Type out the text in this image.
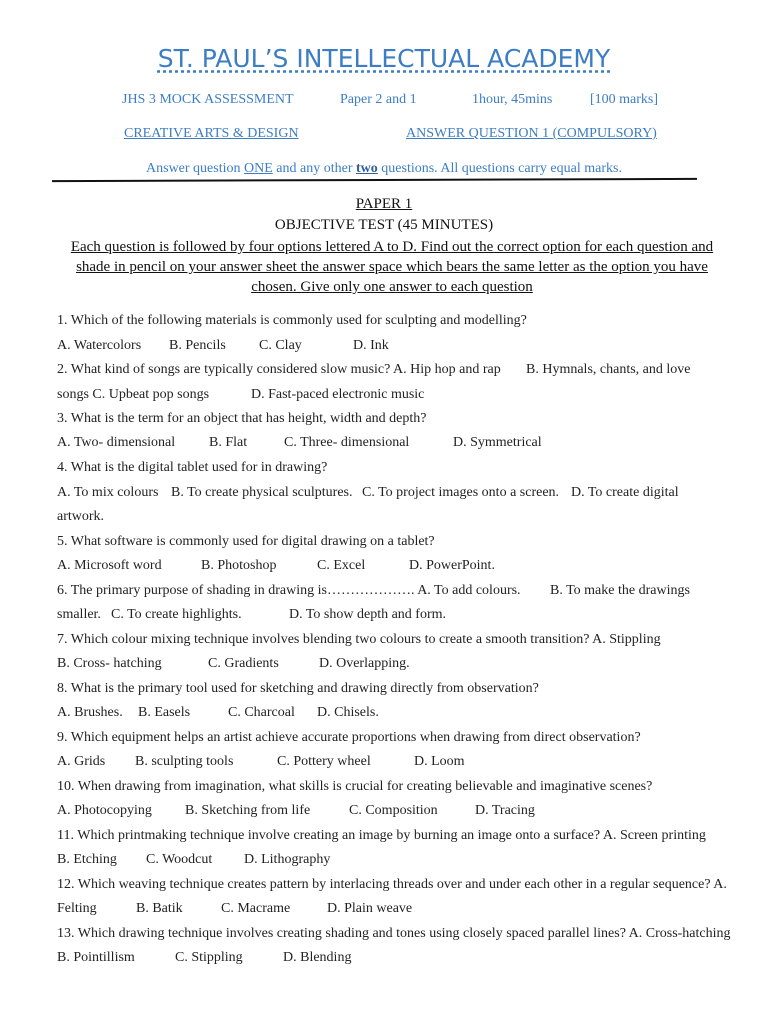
ST. PAUL’S INTELLECTUAL ACADEMY
JHS 3 MOCK ASSESSMENT	Paper 2 and 1	1hour, 45mins	[100 marks]
CREATIVE ARTS & DESIGN	ANSWER QUESTION 1 (COMPULSORY)
Answer question ONE and any other two questions. All questions carry equal marks.
PAPER 1
OBJECTIVE TEST (45 MINUTES)
Each question is followed by four options lettered A to D. Find out the correct option for each question and
shade in pencil on your answer sheet the answer space which bears the same letter as the option you have
chosen. Give only one answer to each question
1. Which of the following materials is commonly used for sculpting and modelling?
A. Watercolors B. Pencils C. Clay	D. Ink
2. What kind of songs are typically considered slow music? A. Hip hop and rap B. Hymnals, chants, and love
songs C. Upbeat pop songs	D. Fast-paced electronic music
3. What is the term for an object that has height, width and depth?
A. Two- dimensional B. Flat	C. Three- dimensional	D. Symmetrical
4. What is the digital tablet used for in drawing?
A. To mix colours B. To create physical sculptures. C. To project images onto a screen. D. To create digital
artwork.
5. What software is commonly used for digital drawing on a tablet?
A. Microsoft word	B. Photoshop	C. Excel	D. PowerPoint.
6. The primary purpose of shading in drawing is………………. A. To add colours. B. To make the drawings
smaller. C. To create highlights.	D. To show depth and form.
7. Which colour mixing technique involves blending two colours to create a smooth transition? A. Stippling
B. Cross- hatching	C. Gradients	D. Overlapping.
8. What is the primary tool used for sketching and drawing directly from observation?
A. Brushes. B. Easels	C. Charcoal D. Chisels.
9. Which equipment helps an artist achieve accurate proportions when drawing from direct observation?
A. Grids B. sculpting tools	C. Pottery wheel	D. Loom
10. When drawing from imagination, what skills is crucial for creating believable and imaginative scenes?
A. Photocopying B. Sketching from life	C. Composition	D. Tracing
11. Which printmaking technique involve creating an image by burning an image onto a surface? A. Screen printing
B. Etching C. Woodcut D. Lithography
12. Which weaving technique creates pattern by interlacing threads over and under each other in a regular sequence? A.
Felting	B. Batik	C. Macrame	D. Plain weave
13. Which drawing technique involves creating shading and tones using closely spaced parallel lines? A. Cross-hatching
B. Pointillism	C. Stippling	D. Blending
